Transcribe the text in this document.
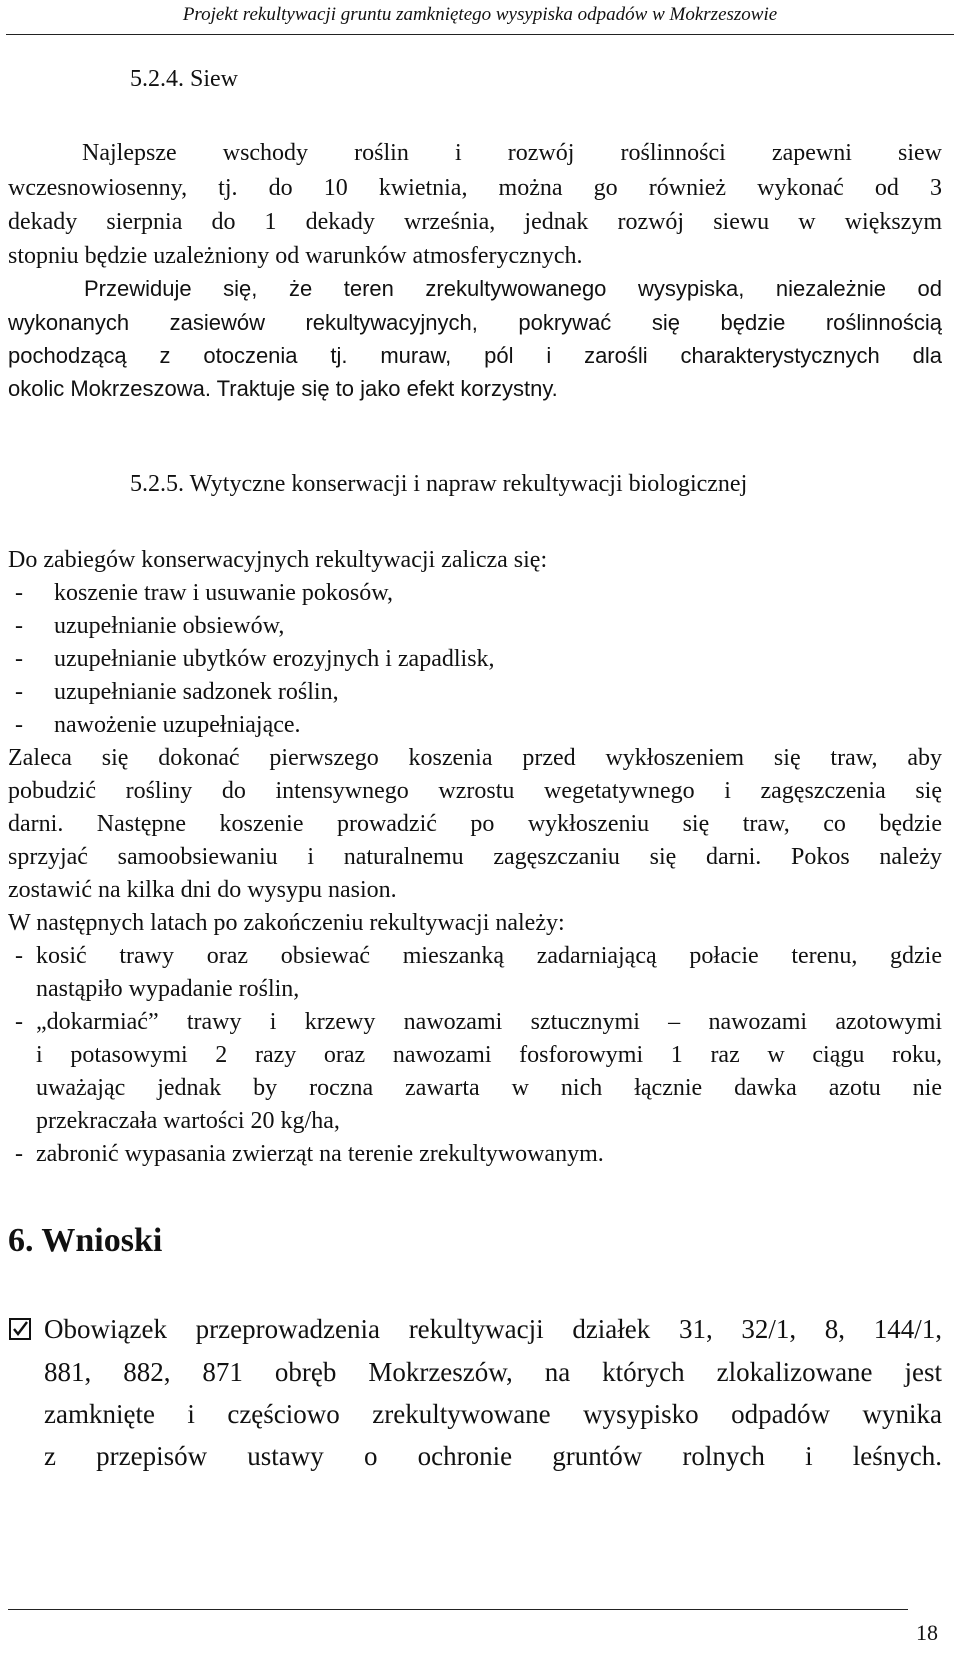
Projekt rekultywacji gruntu zamkniętego wysypiska odpadów w Mokrzeszowie
5.2.4. Siew
Najlepsze wschody roślin i rozwój roślinności zapewni siew
wczesnowiosenny, tj. do 10 kwietnia, można go również wykonać od 3
dekady sierpnia do 1 dekady września, jednak rozwój siewu w większym
stopniu będzie uzależniony od warunków atmosferycznych.
Przewiduje się, że teren zrekultywowanego wysypiska, niezależnie od
wykonanych zasiewów rekultywacyjnych, pokrywać się będzie roślinnością
pochodzącą z otoczenia tj. muraw, pól i zarośli charakterystycznych dla
okolic Mokrzeszowa. Traktuje się to jako efekt korzystny.
5.2.5. Wytyczne konserwacji i napraw rekultywacji biologicznej
Do zabiegów konserwacyjnych rekultywacji zalicza się:
- koszenie traw i usuwanie pokosów,
- uzupełnianie obsiewów,
- uzupełnianie ubytków erozyjnych i zapadlisk,
- uzupełnianie sadzonek roślin,
- nawożenie uzupełniające.
Zaleca się dokonać pierwszego koszenia przed wykłoszeniem się traw, aby
pobudzić rośliny do intensywnego wzrostu wegetatywnego i zagęszczenia się
darni. Następne koszenie prowadzić po wykłoszeniu się traw, co będzie
sprzyjać samoobsiewaniu i naturalnemu zagęszczaniu się darni. Pokos należy
zostawić na kilka dni do wysypu nasion.
W następnych latach po zakończeniu rekultywacji należy:
- kosić trawy oraz obsiewać mieszanką zadarniającą połacie terenu, gdzie
nastąpiło wypadanie roślin,
- „dokarmiać” trawy i krzewy nawozami sztucznymi – nawozami azotowymi
i potasowymi 2 razy oraz nawozami fosforowymi 1 raz w ciągu roku,
uważając jednak by roczna zawarta w nich łącznie dawka azotu nie
przekraczała wartości 20 kg/ha,
- zabronić wypasania zwierząt na terenie zrekultywowanym.
6. Wnioski
Obowiązek przeprowadzenia rekultywacji działek 31, 32/1, 8, 144/1,
881, 882, 871 obręb Mokrzeszów, na których zlokalizowane jest
zamknięte i częściowo zrekultywowane wysypisko odpadów wynika
z przepisów ustawy o ochronie gruntów rolnych i leśnych.
18
